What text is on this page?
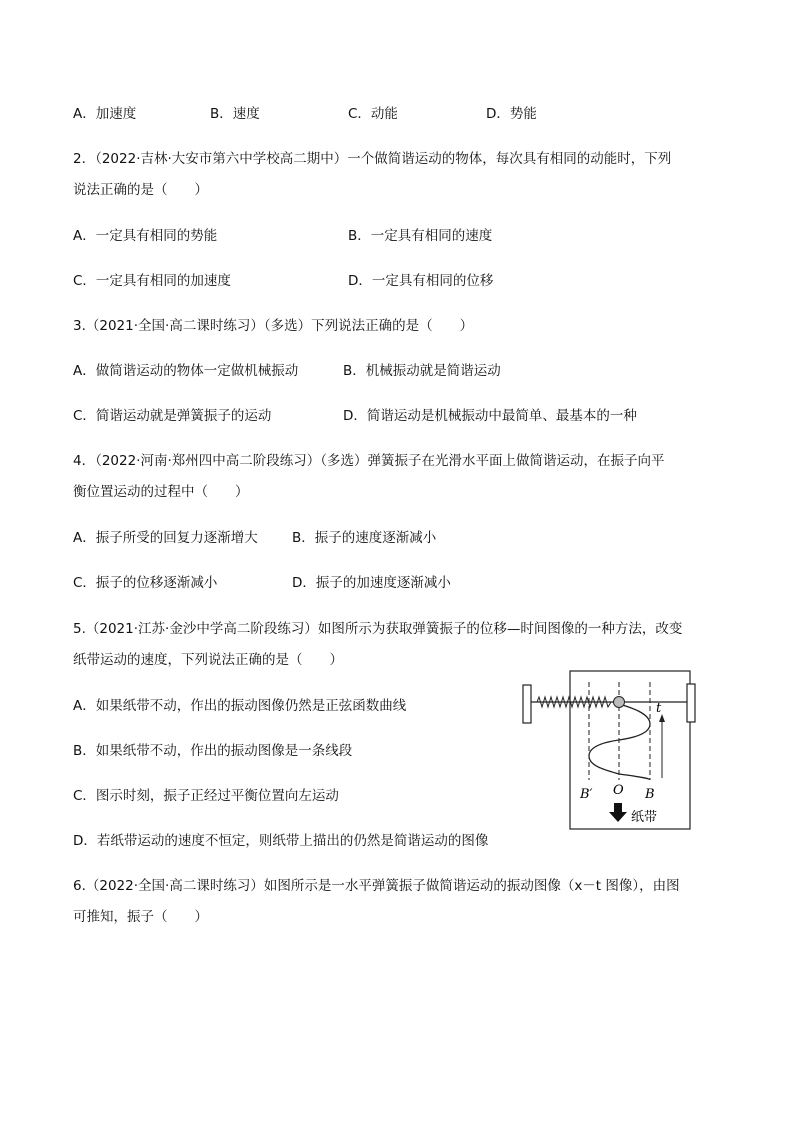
A．加速度	B．速度	C．动能	D．势能
2．（2022·吉林·大安市第六中学校高二期中）一个做简谐运动的物体，每次具有相同的动能时，下列
说法正确的是（　　）
A．一定具有相同的势能	B．一定具有相同的速度
C．一定具有相同的加速度	D．一定具有相同的位移
3.（2021·全国·高二课时练习）（多选）下列说法正确的是（　　）
A．做简谐运动的物体一定做机械振动	B．机械振动就是简谐运动
C．简谐运动就是弹簧振子的运动	D．简谐运动是机械振动中最简单、最基本的一种
4．（2022·河南·郑州四中高二阶段练习）（多选）弹簧振子在光滑水平面上做简谐运动，在振子向平
衡位置运动的过程中（　　）
A．振子所受的回复力逐渐增大	B．振子的速度逐渐减小
C．振子的位移逐渐减小	D．振子的加速度逐渐减小
5.（2021·江苏·金沙中学高二阶段练习）如图所示为获取弹簧振子的位移—时间图像的一种方法，改变
纸带运动的速度，下列说法正确的是（　　）
A．如果纸带不动，作出的振动图像仍然是正弦函数曲线
B．如果纸带不动，作出的振动图像是一条线段
C．图示时刻，振子正经过平衡位置向左运动
D．若纸带运动的速度不恒定，则纸带上描出的仍然是简谐运动的图像
t
B′ O B
纸带
6.（2022·全国·高二课时练习）如图所示是一水平弹簧振子做简谐运动的振动图像（x－t 图像），由图
可推知，振子（　　）
